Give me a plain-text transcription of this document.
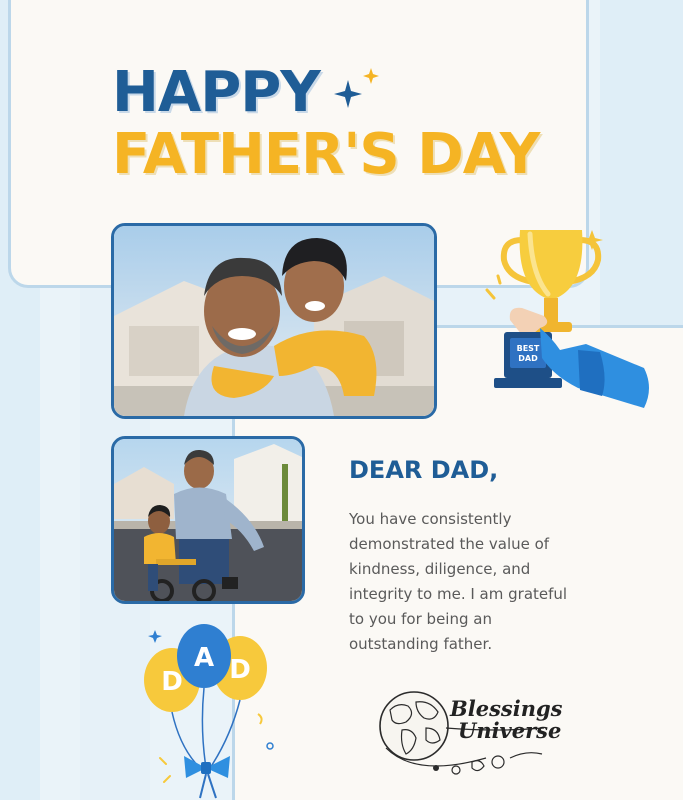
HAPPY
FATHER'S DAY
BEST
DAD
D D
A
DEAR DAD,

You have consistently demonstrated the value of kindness, diligence, and integrity to me. I am grateful to you for being an outstanding father.

Blessings
Universe
